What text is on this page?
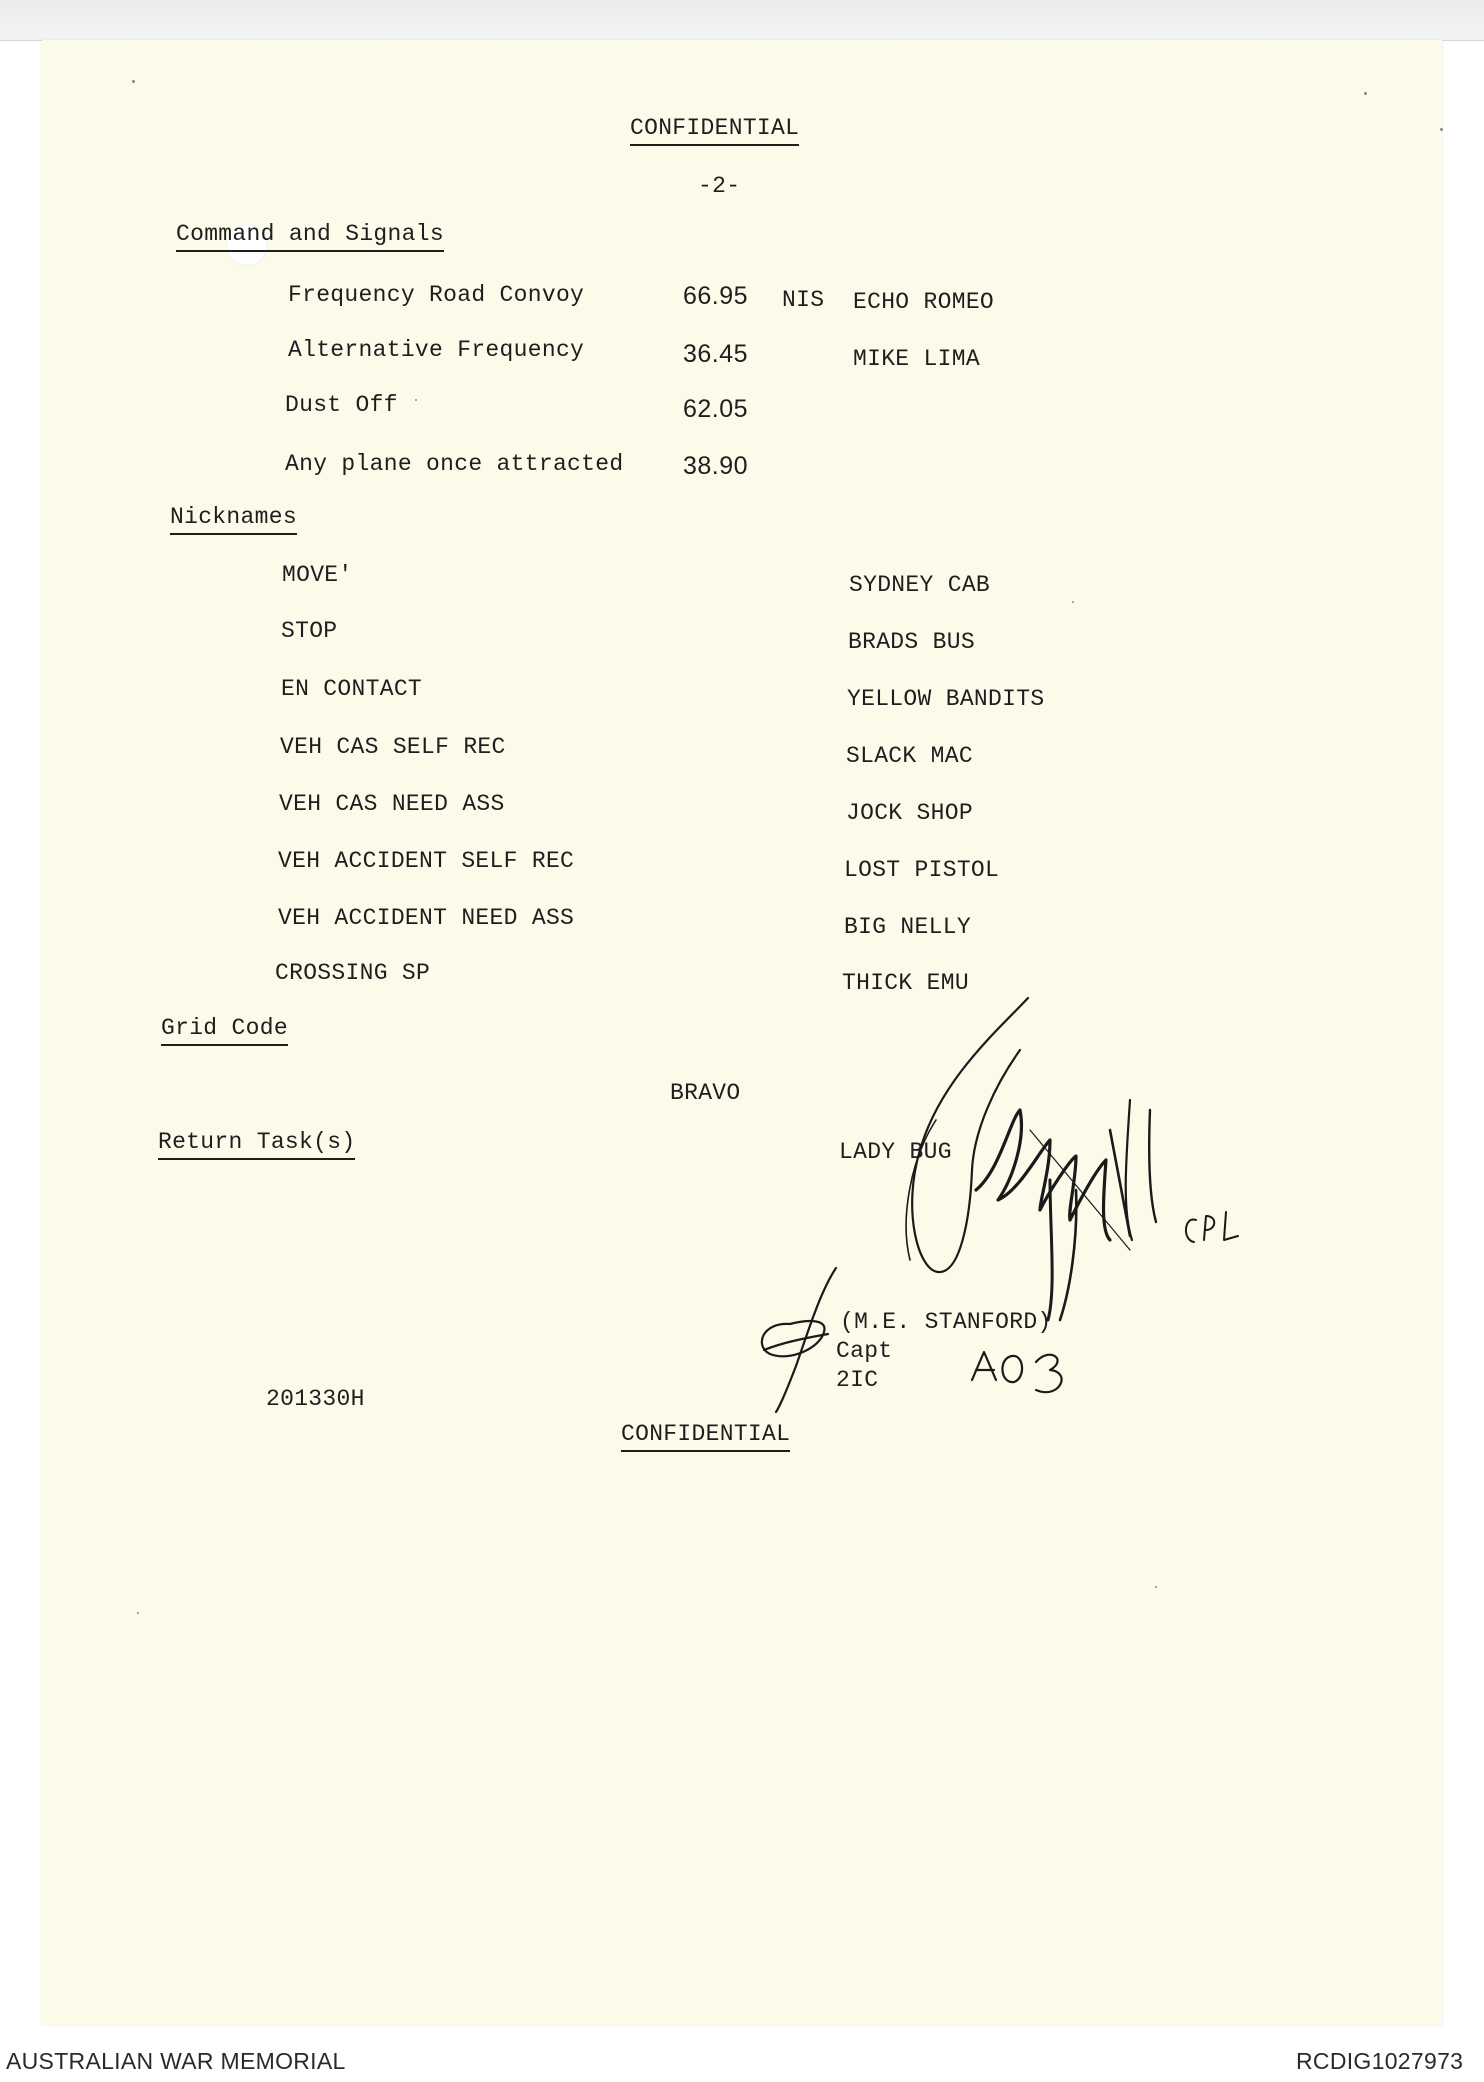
CONFIDENTIAL
-2-
Command and Signals
Frequency Road Convoy	66.95 NIS ECHO ROMEO
Alternative Frequency	36.45	MIKE LIMA
Dust Off	62.05
Any plane once attracted 38.90
Nicknames
MOVE'	SYDNEY CAB
STOP	BRADS BUS
EN CONTACT	YELLOW BANDITS
VEH CAS SELF REC	SLACK MAC
VEH CAS NEED ASS	JOCK SHOP
VEH ACCIDENT SELF REC	LOST PISTOL
VEH ACCIDENT NEED ASS	BIG NELLY
CROSSING SP	THICK EMU
Grid Code
BRAVO
Return Task(s)	LADY BUG
(M.E. STANFORD)
Capt
2IC
201330H
CONFIDENTIAL
AUSTRALIAN WAR MEMORIAL	RCDIG1027973
